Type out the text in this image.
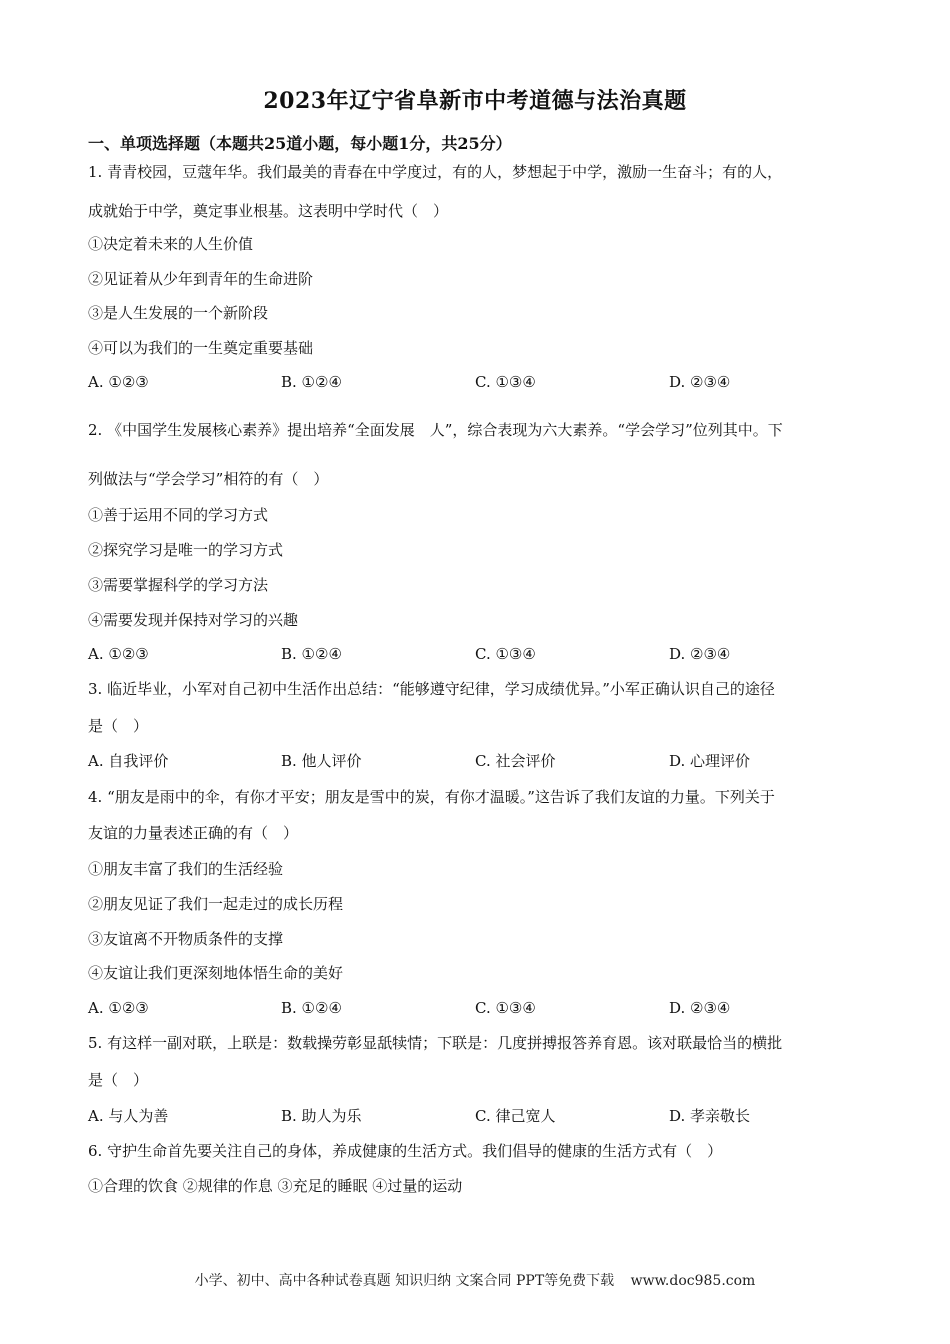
2023年辽宁省阜新市中考道德与法治真题
一、单项选择题（本题共25道小题，每小题1分，共25分）
1. 青青校园，豆蔻年华。我们最美的青春在中学度过，有的人，梦想起于中学，激励一生奋斗；有的人，
成就始于中学，奠定事业根基。这表明中学时代（　）
①决定着未来的人生价值
②见证着从少年到青年的生命进阶
③是人生发展的一个新阶段
④可以为我们的一生奠定重要基础
A. ①②③	B. ①②④	C. ①③④	D. ②③④
2. 《中国学生发展核心素养》提出培养“全面发展　人”，综合表现为六大素养。“学会学习”位列其中。下
列做法与“学会学习”相符的有（　）
①善于运用不同的学习方式
②探究学习是唯一的学习方式
③需要掌握科学的学习方法
④需要发现并保持对学习的兴趣
A. ①②③	B. ①②④	C. ①③④	D. ②③④
3. 临近毕业，小军对自己初中生活作出总结：“能够遵守纪律，学习成绩优异。”小军正确认识自己的途径
是（　）
A. 自我评价	B. 他人评价	C. 社会评价	D. 心理评价
4. “朋友是雨中的伞，有你才平安；朋友是雪中的炭，有你才温暖。”这告诉了我们友谊的力量。下列关于
友谊的力量表述正确的有（　）
①朋友丰富了我们的生活经验
②朋友见证了我们一起走过的成长历程
③友谊离不开物质条件的支撑
④友谊让我们更深刻地体悟生命的美好
A. ①②③	B. ①②④	C. ①③④	D. ②③④
5. 有这样一副对联，上联是：数载操劳彰显舐犊情；下联是：几度拼搏报答养育恩。该对联最恰当的横批
是（　）
A. 与人为善	B. 助人为乐	C. 律己宽人	D. 孝亲敬长
6. 守护生命首先要关注自己的身体，养成健康的生活方式。我们倡导的健康的生活方式有（　）
①合理的饮食 ②规律的作息 ③充足的睡眠 ④过量的运动
小学、初中、高中各种试卷真题 知识归纳 文案合同 PPT等免费下载 www.doc985.com
